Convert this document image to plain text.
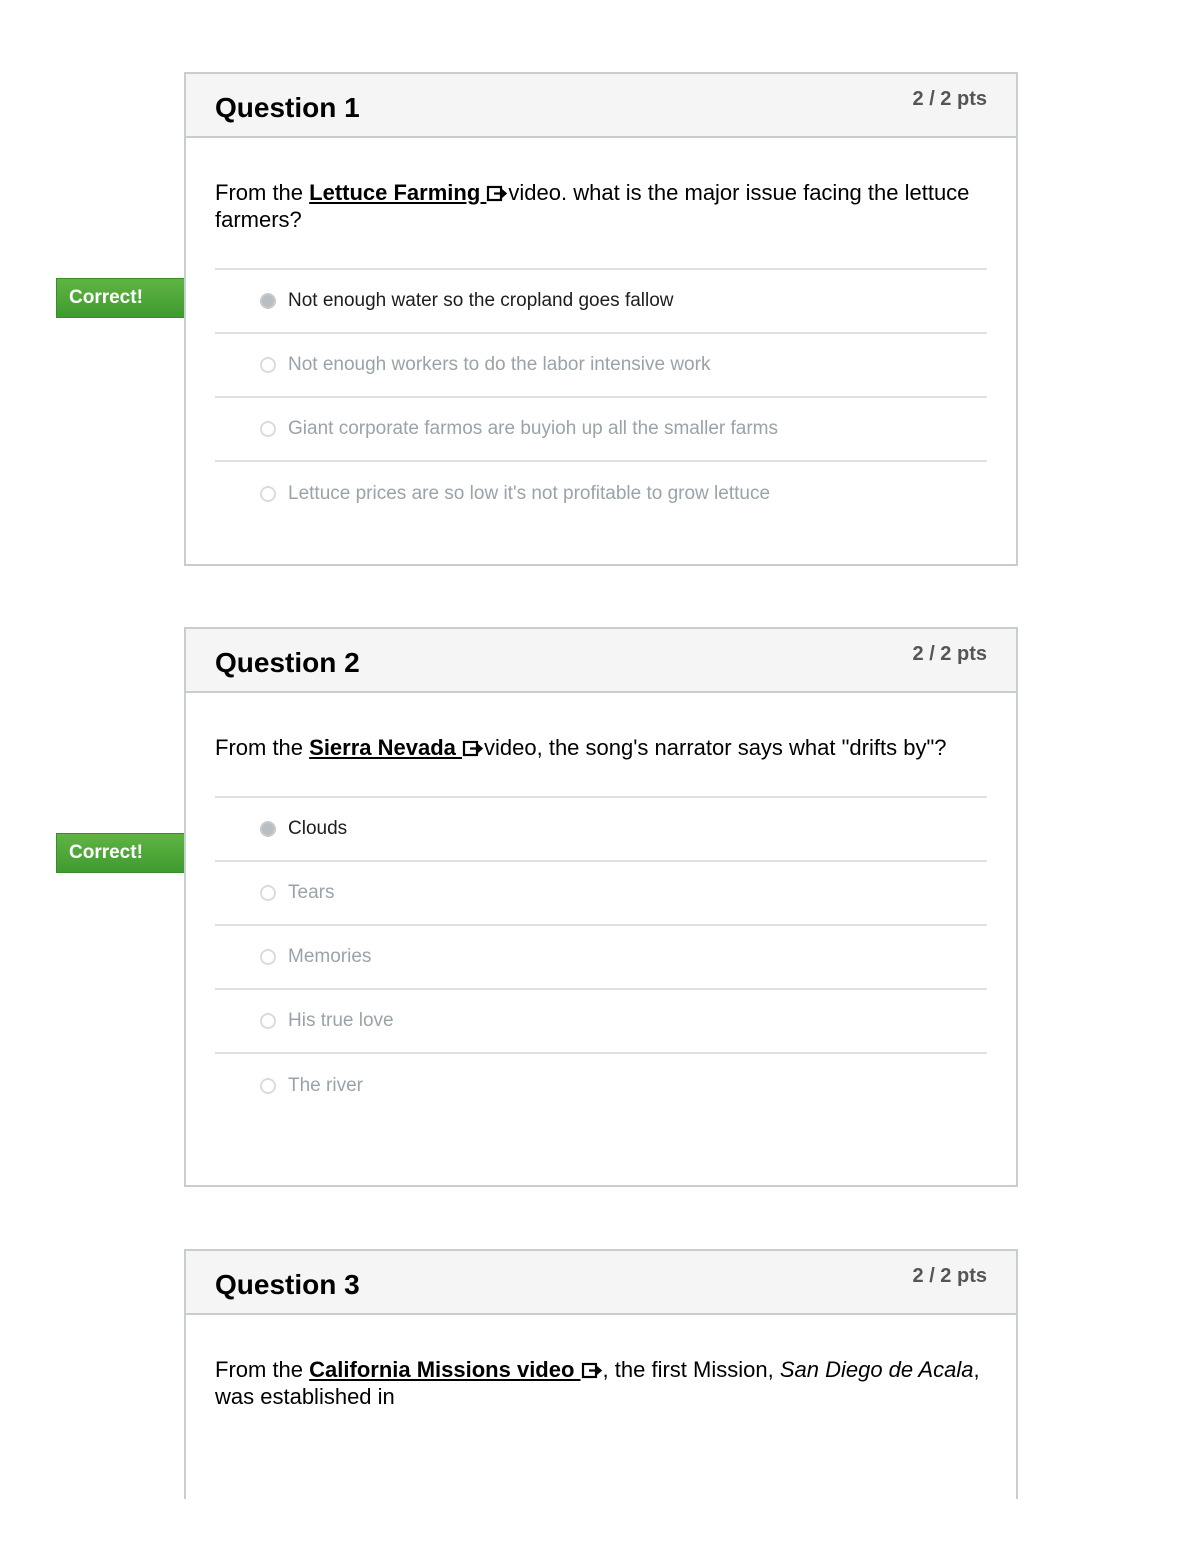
Correct!
Question 1	2 / 2 pts

From the Lettuce Farming video. what is the major issue facing the lettuce farmers?

Not enough water so the cropland goes fallow
Not enough workers to do the labor intensive work
Giant corporate farmos are buyioh up all the smaller farms
Lettuce prices are so low it's not profitable to grow lettuce
Correct!
Question 2	2 / 2 pts

From the Sierra Nevada video, the song's narrator says what "drifts by"?

Clouds
Tears
Memories
His true love
The river
Question 3	2 / 2 pts

From the California Missions video , the first Mission, San Diego de Acala, was established in
